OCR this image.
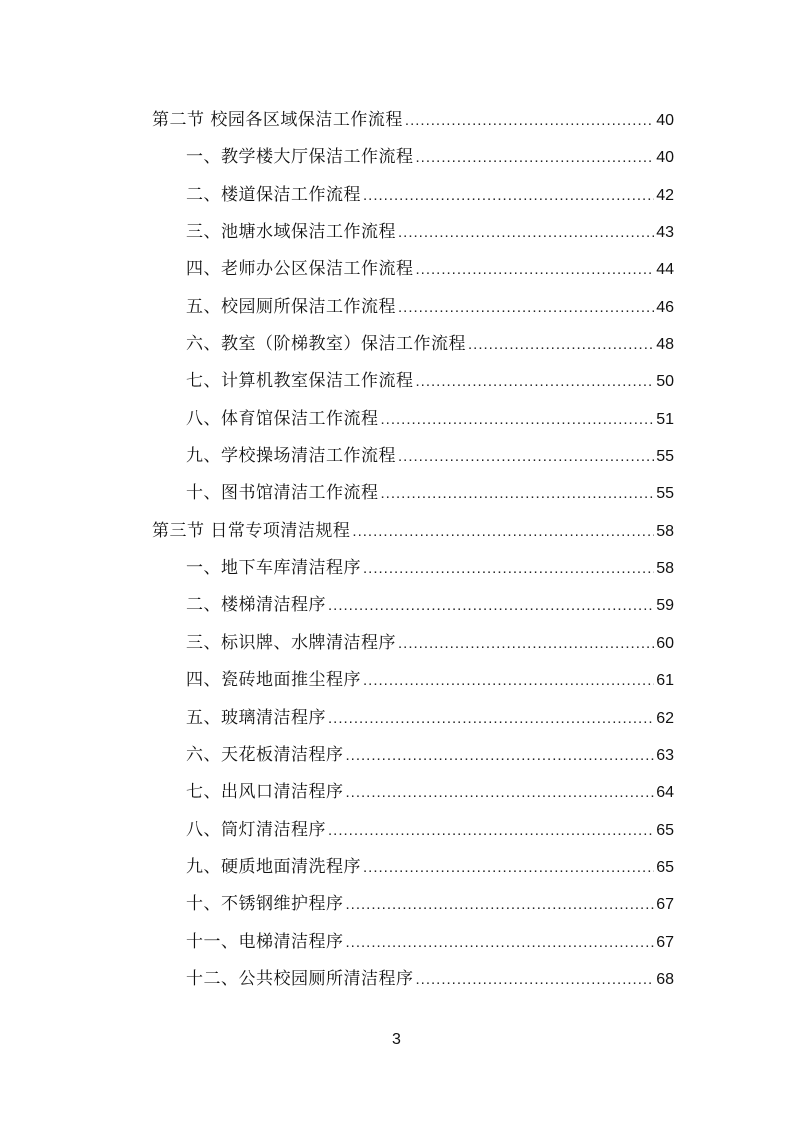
第二节 校园各区域保洁工作流程 .....	40
一、教学楼大厅保洁工作流程 .....	40
二、楼道保洁工作流程 .....	42
三、池塘水域保洁工作流程 .....	43
四、老师办公区保洁工作流程 .....	44
五、校园厕所保洁工作流程 .....	46
六、教室（阶梯教室）保洁工作流程 .....	48
七、计算机教室保洁工作流程 .....	50
八、体育馆保洁工作流程 .....	51
九、学校操场清洁工作流程 .....	55
十、图书馆清洁工作流程 .....	55
第三节 日常专项清洁规程 .....	58
一、地下车库清洁程序 .....	58
二、楼梯清洁程序 .....	59
三、标识牌、水牌清洁程序 .....	60
四、瓷砖地面推尘程序 .....	61
五、玻璃清洁程序 .....	62
六、天花板清洁程序 .....	63
七、出风口清洁程序 .....	64
八、筒灯清洁程序 .....	65
九、硬质地面清洗程序 .....	65
十、不锈钢维护程序 .....	67
十一、电梯清洁程序 .....	67
十二、公共校园厕所清洁程序 .....	68
3
